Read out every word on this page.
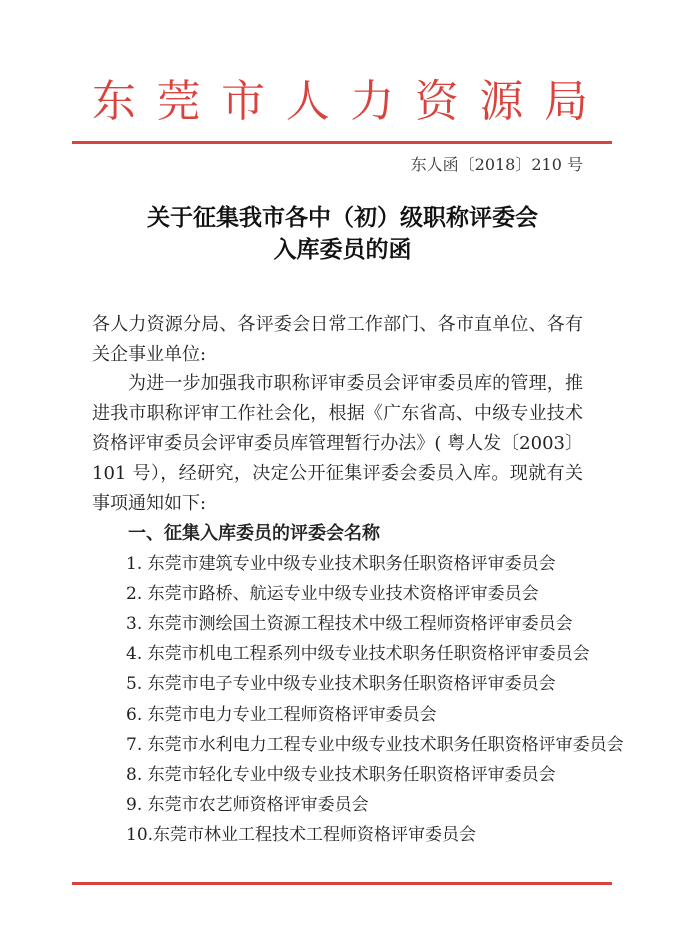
东 莞 市 人 力 资 源 局
东人函〔2018〕210 号
关于征集我市各中（初）级职称评委会
入库委员的函
各人力资源分局、各评委会日常工作部门、各市直单位、各有
关企事业单位:
为进一步加强我市职称评审委员会评审委员库的管理，推
进我市职称评审工作社会化，根据《广东省高、中级专业技术
资格评审委员会评审委员库管理暂行办法》( 粤人发〔2003〕
101 号），经研究，决定公开征集评委会委员入库。现就有关
事项通知如下:
一、征集入库委员的评委会名称
1. 东莞市建筑专业中级专业技术职务任职资格评审委员会
2. 东莞市路桥、航运专业中级专业技术资格评审委员会
3. 东莞市测绘国土资源工程技术中级工程师资格评审委员会
4. 东莞市机电工程系列中级专业技术职务任职资格评审委员会
5. 东莞市电子专业中级专业技术职务任职资格评审委员会
6. 东莞市电力专业工程师资格评审委员会
7. 东莞市水利电力工程专业中级专业技术职务任职资格评审委员会
8. 东莞市轻化专业中级专业技术职务任职资格评审委员会
9. 东莞市农艺师资格评审委员会
10.东莞市林业工程技术工程师资格评审委员会
